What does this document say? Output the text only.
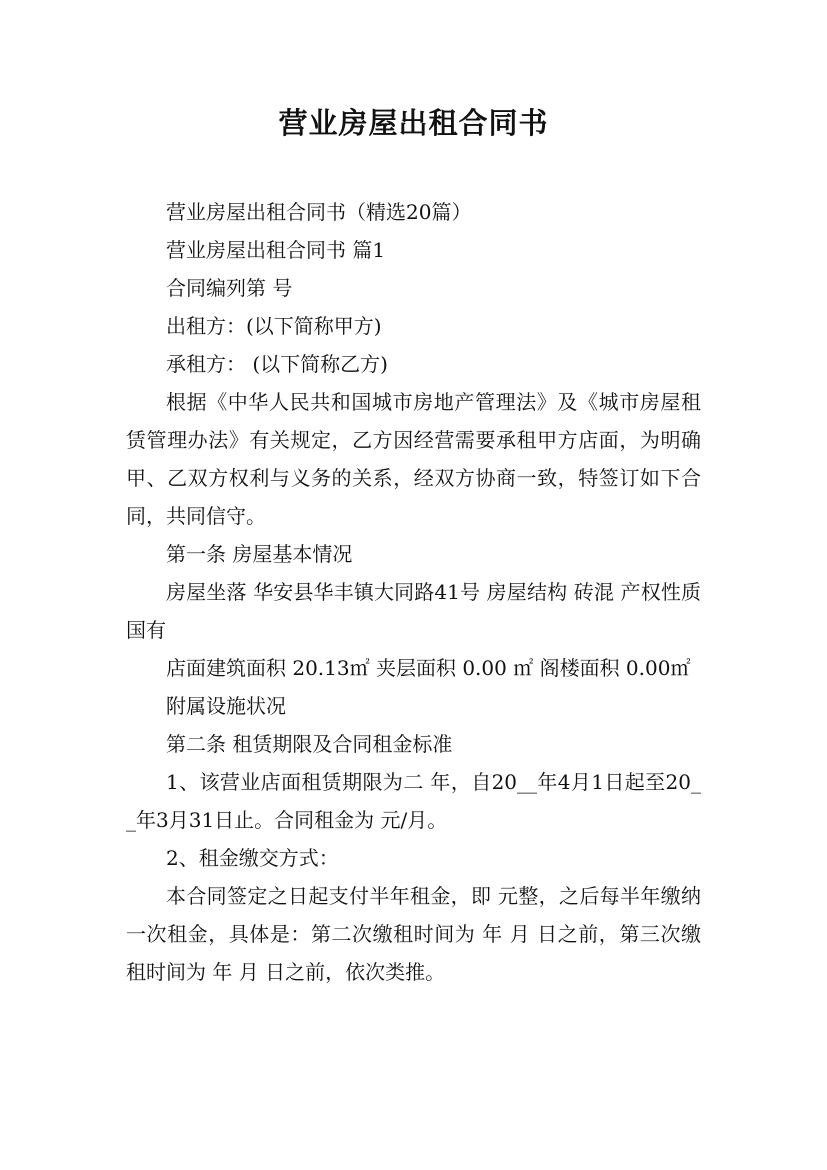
营业房屋出租合同书

营业房屋出租合同书（精选20篇）

营业房屋出租合同书 篇1

合同编列第 号

出租方：(以下简称甲方)

承租方： (以下简称乙方)

根据《中华人民共和国城市房地产管理法》及《城市房屋租赁管理办法》有关规定，乙方因经营需要承租甲方店面，为明确甲、乙双方权利与义务的关系，经双方协商一致，特签订如下合同，共同信守。

第一条 房屋基本情况

房屋坐落 华安县华丰镇大同路41号 房屋结构 砖混 产权性质 国有

店面建筑面积 20.13㎡ 夹层面积 0.00 ㎡ 阁楼面积 0.00㎡

附属设施状况

第二条 租赁期限及合同租金标准

1、该营业店面租赁期限为二 年，自20__年4月1日起至20__年3月31日止。合同租金为 元/月。

2、租金缴交方式：

本合同签定之日起支付半年租金，即 元整，之后每半年缴纳一次租金，具体是：第二次缴租时间为 年 月 日之前，第三次缴租时间为 年 月 日之前，依次类推。
